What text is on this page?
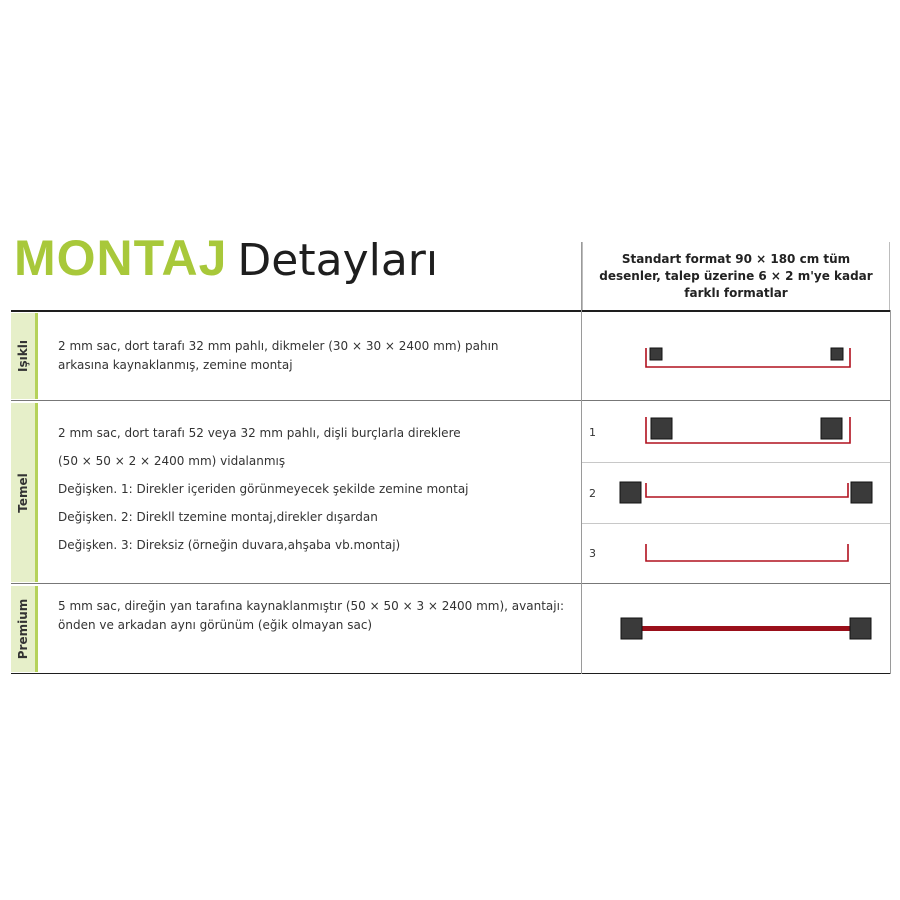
MONTAJ Detayları	Standart format 90 × 180 cm tüm desenler, talep üzerine 6 × 2 m'ye kadar farklı formatlar
Işıklı
Temel
Premium

2 mm sac, dort tarafı 32 mm pahlı, dikmeler (30 × 30 × 2400 mm) pahın

arkasına kaynaklanmış, zemine montaj

2 mm sac, dort tarafı 52 veya 32 mm pahlı, dişli burçlarla direklere

(50 × 50 × 2 × 2400 mm) vidalanmış

Değişken. 1: Direkler içeriden görünmeyecek şekilde zemine montaj

Değişken. 2: Direkll tzemine montaj,direkler dışardan

Değişken. 3: Direksiz (örneğin duvara,ahşaba vb.montaj)

5 mm sac, direğin yan tarafına kaynaklanmıştır (50 × 50 × 3 × 2400 mm), avantajı:

önden ve arkadan aynı görünüm (eğik olmayan sac)

1
2
3
